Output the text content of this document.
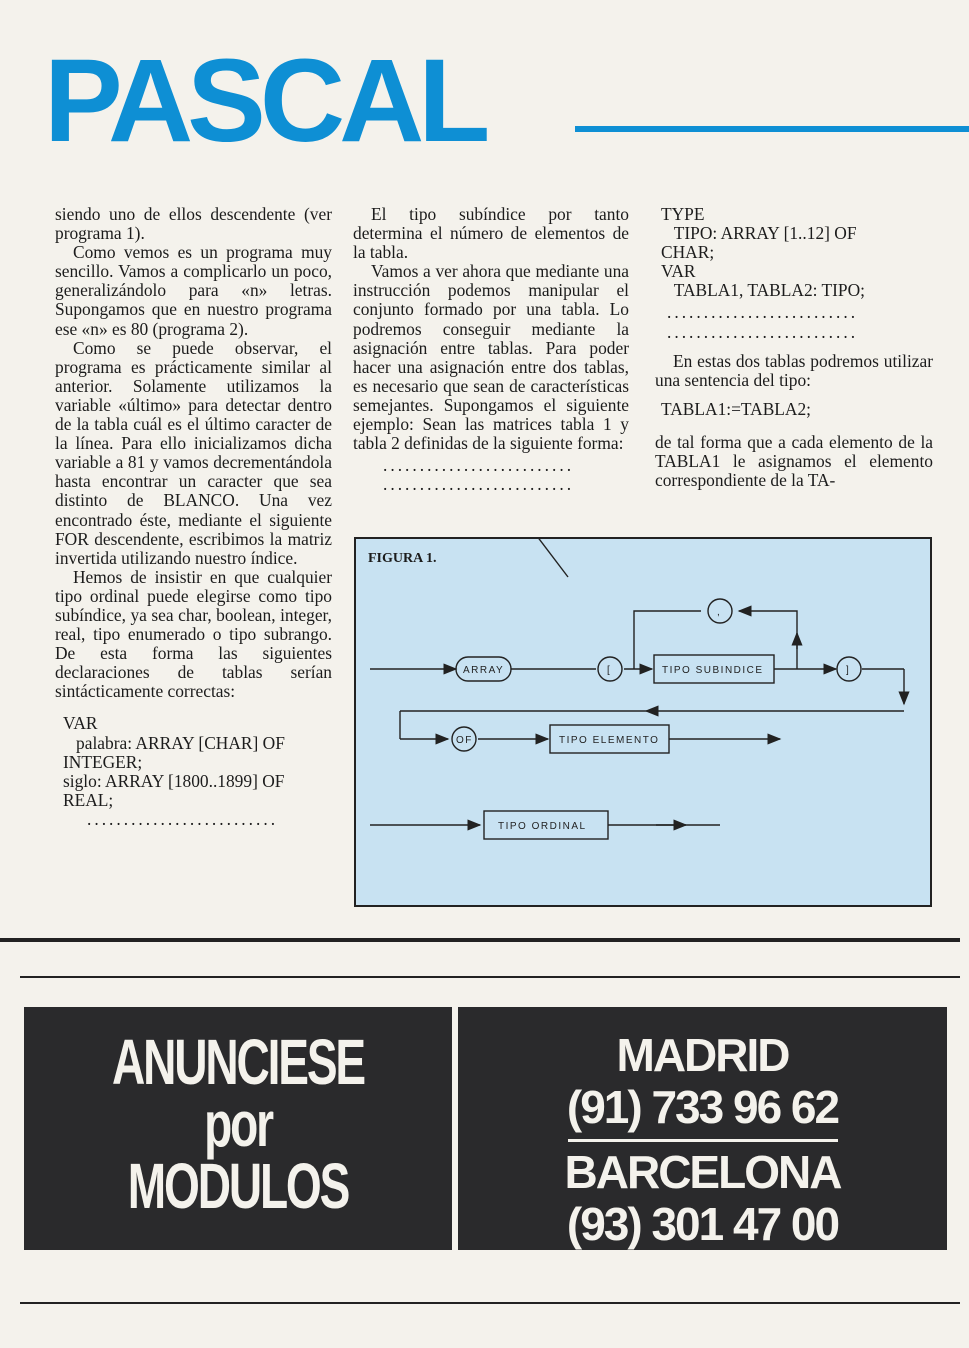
PASCAL

siendo uno de ellos descendente (ver programa 1).

Como vemos es un programa muy sencillo. Vamos a complicarlo un poco, generalizándolo para «n» letras. Supongamos que en nuestro programa ese «n» es 80 (programa 2).

Como se puede observar, el programa es prácticamente similar al anterior. Solamente utilizamos la variable «último» para detectar dentro de la tabla cuál es el último caracter de la línea. Para ello inicializamos dicha variable a 81 y vamos decrementándola hasta encontrar un caracter que sea distinto de BLANCO. Una vez encontrado éste, mediante el siguiente FOR descendente, escribimos la matriz invertida utilizando nuestro índice.

Hemos de insistir en que cualquier tipo ordinal puede elegirse como tipo subíndice, ya sea char, boolean, integer, real, tipo enumerado o tipo subrango. De esta forma las siguientes declaraciones de tablas serían sintácticamente correctas:

VAR
palabra: ARRAY [CHAR] OF
INTEGER;
siglo: ARRAY [1800..1899] OF
REAL;
..........................

El tipo subíndice por tanto determina el número de elementos de la tabla.

Vamos a ver ahora que mediante una instrucción podemos manipular el conjunto formado por una tabla. Lo podremos conseguir mediante la asignación entre tablas. Para poder hacer una asignación entre dos tablas, es necesario que sean de características semejantes. Supongamos el siguiente ejemplo: Sean las matrices tabla 1 y tabla 2 definidas de la siguiente forma:

..........................
..........................
TYPE
TIPO: ARRAY [1..12] OF
CHAR;
VAR
TABLA1, TABLA2: TIPO;
..........................
..........................

En estas dos tablas podremos utilizar una sentencia del tipo:

TABLA1:=TABLA2;

de tal forma que a cada elemento de la TABLA1 le asignamos el elemento correspondiente de la TA-

FIGURA 1.
ARRAY	[
,
TIPO SUBINDICE	]
OF	TIPO ELEMENTO
TIPO ORDINAL
ANUNCIESE
por
MODULOS
MADRID
(91) 733 96 62
BARCELONA
(93) 301 47 00
